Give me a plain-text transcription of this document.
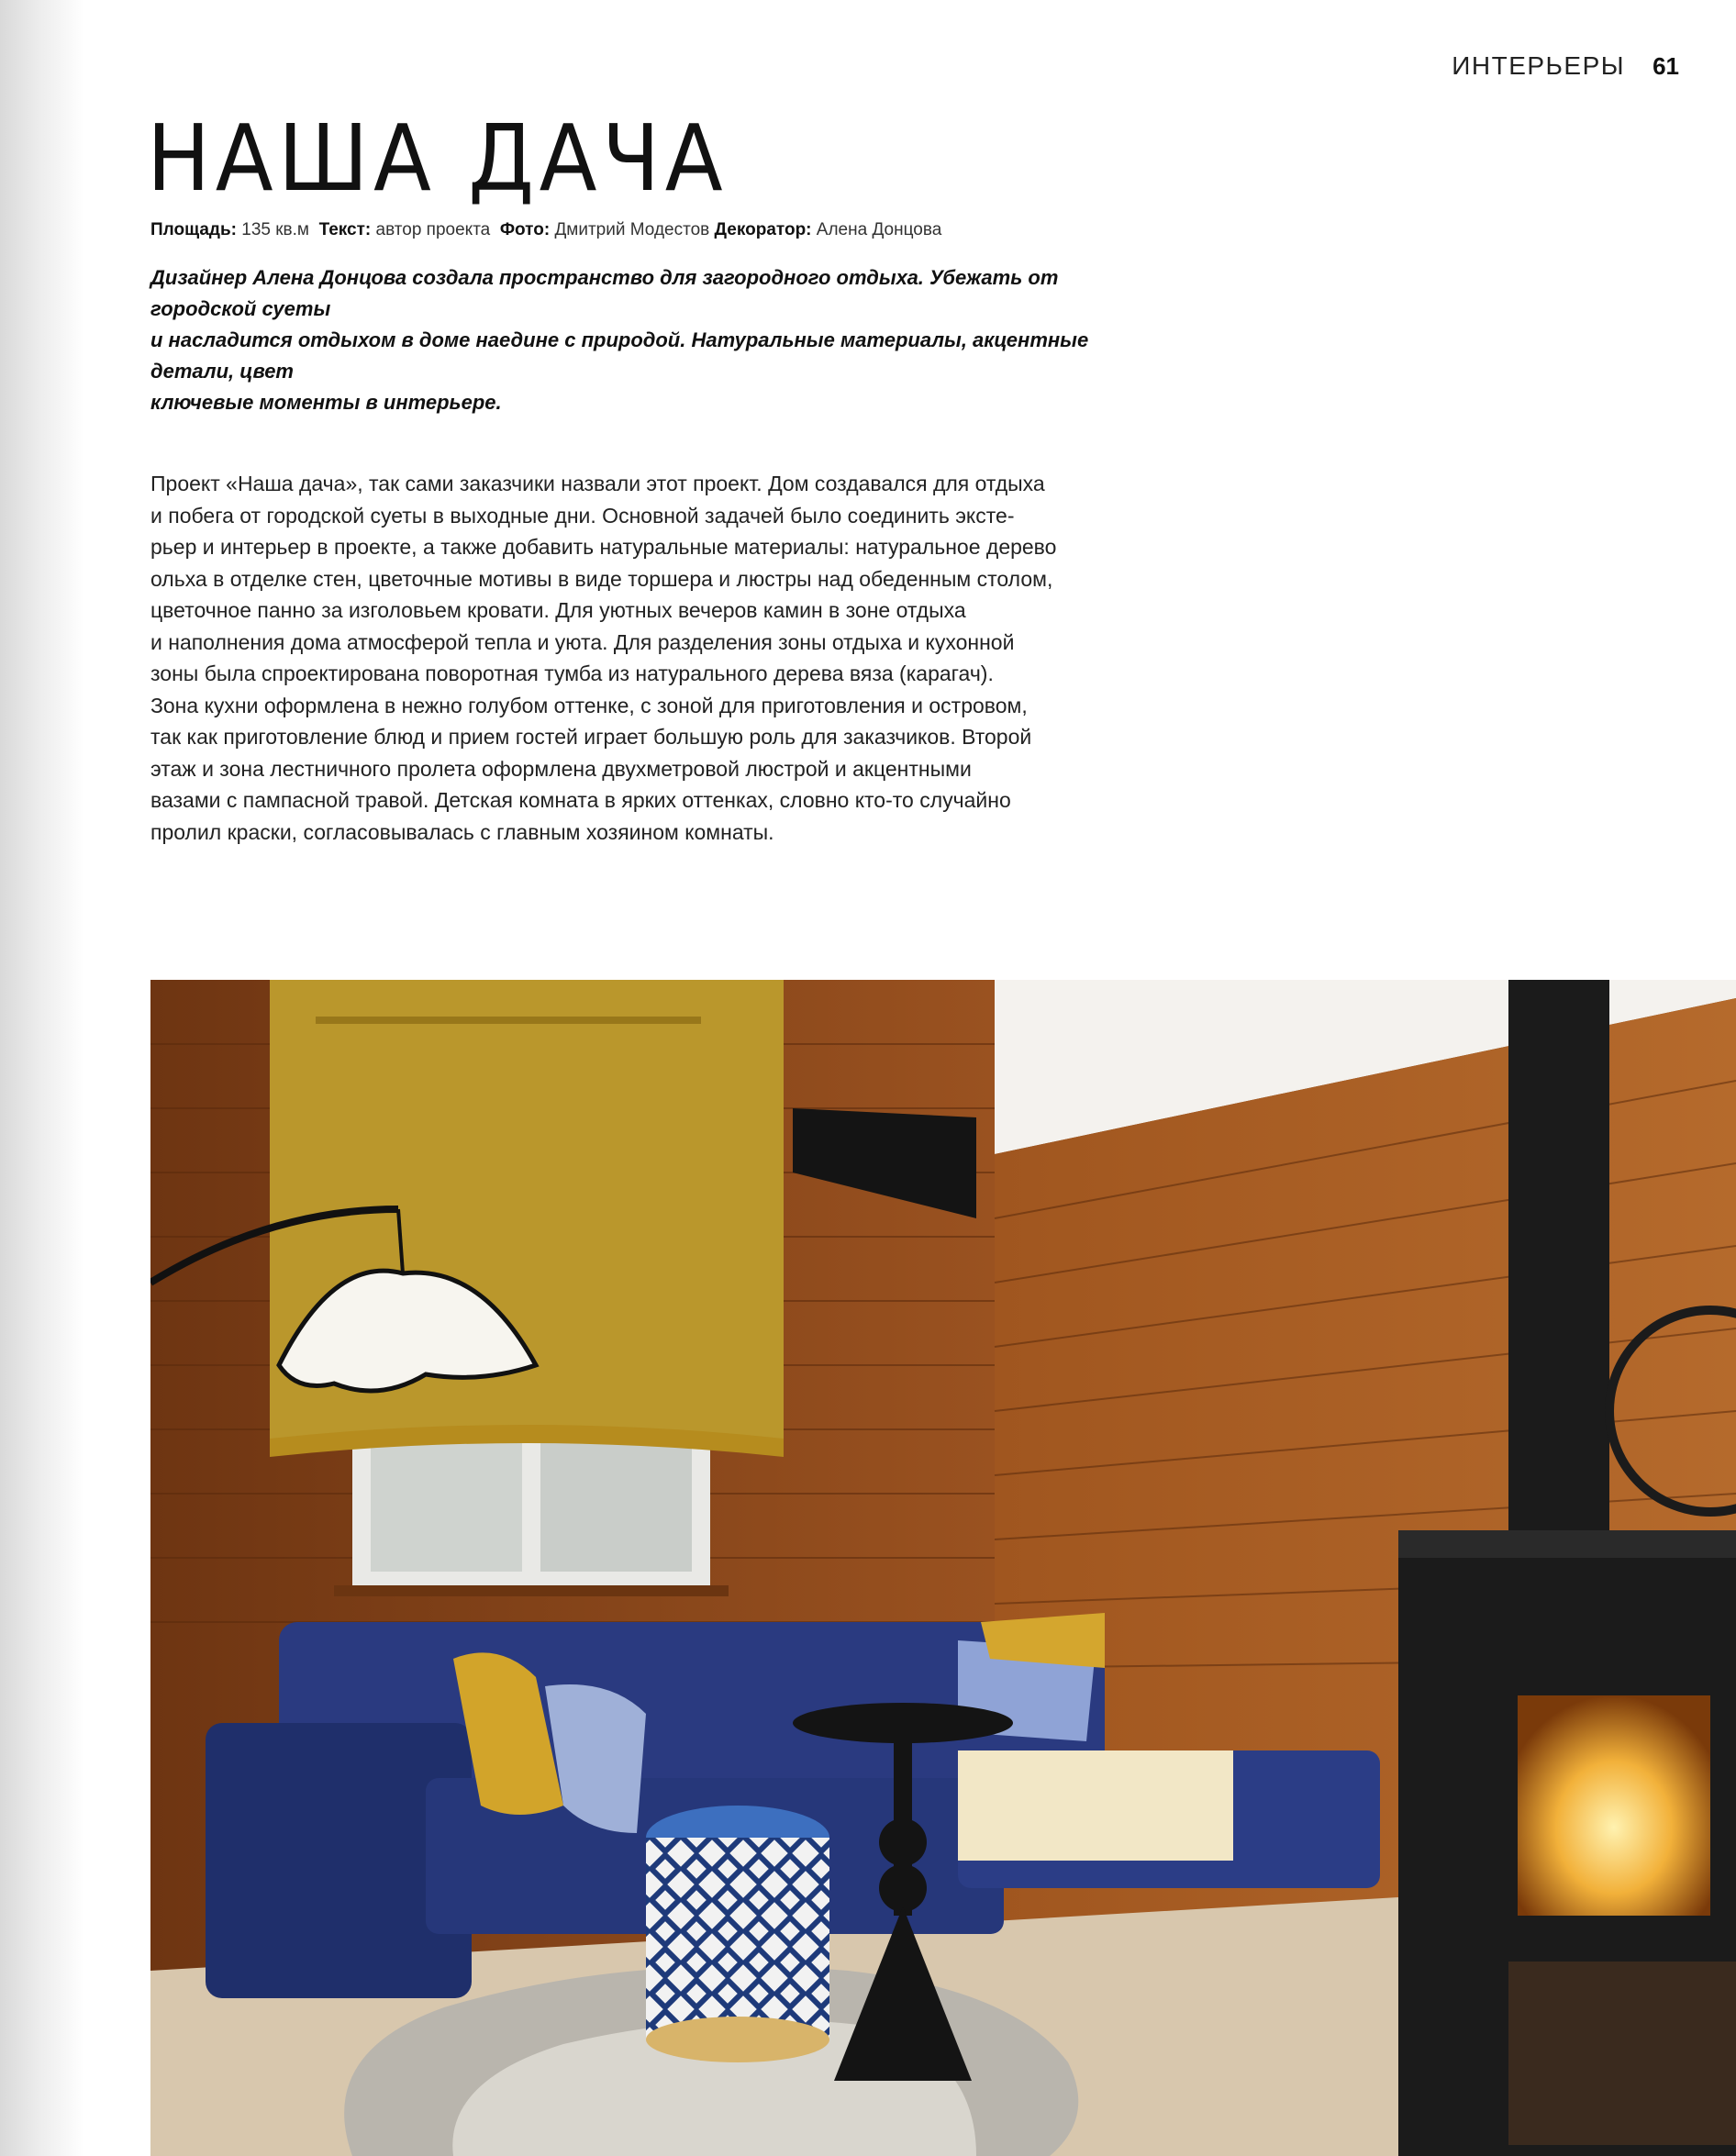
ИНТЕРЬЕРЫ 61
НАША ДАЧА
Площадь: 135 кв.м Текст: автор проекта Фото: Дмитрий Модестов Декоратор: Алена Донцова

Дизайнер Алена Донцова создала пространство для загородного отдыха. Убежать от городской суеты
и насладится отдыхом в доме наедине с природой. Натуральные материалы, акцентные детали, цвет
ключевые моменты в интерьере.

Проект «Наша дача», так сами заказчики назвали этот проект. Дом создавался для отдыха
и побега от городской суеты в выходные дни. Основной задачей было соединить эксте-
рьер и интерьер в проекте, а также добавить натуральные материалы: натуральное дерево
ольха в отделке стен, цветочные мотивы в виде торшера и люстры над обеденным столом,
цветочное панно за изголовьем кровати. Для уютных вечеров камин в зоне отдыха
и наполнения дома атмосферой тепла и уюта. Для разделения зоны отдыха и кухонной
зоны была спроектирована поворотная тумба из натурального дерева вяза (карагач).
Зона кухни оформлена в нежно голубом оттенке, с зоной для приготовления и островом,
так как приготовление блюд и прием гостей играет большую роль для заказчиков. Второй
этаж и зона лестничного пролета оформлена двухметровой люстрой и акцентными
вазами с пампасной травой. Детская комната в ярких оттенках, словно кто-то случайно
пролил краски, согласовывалась с главным хозяином комнаты.
